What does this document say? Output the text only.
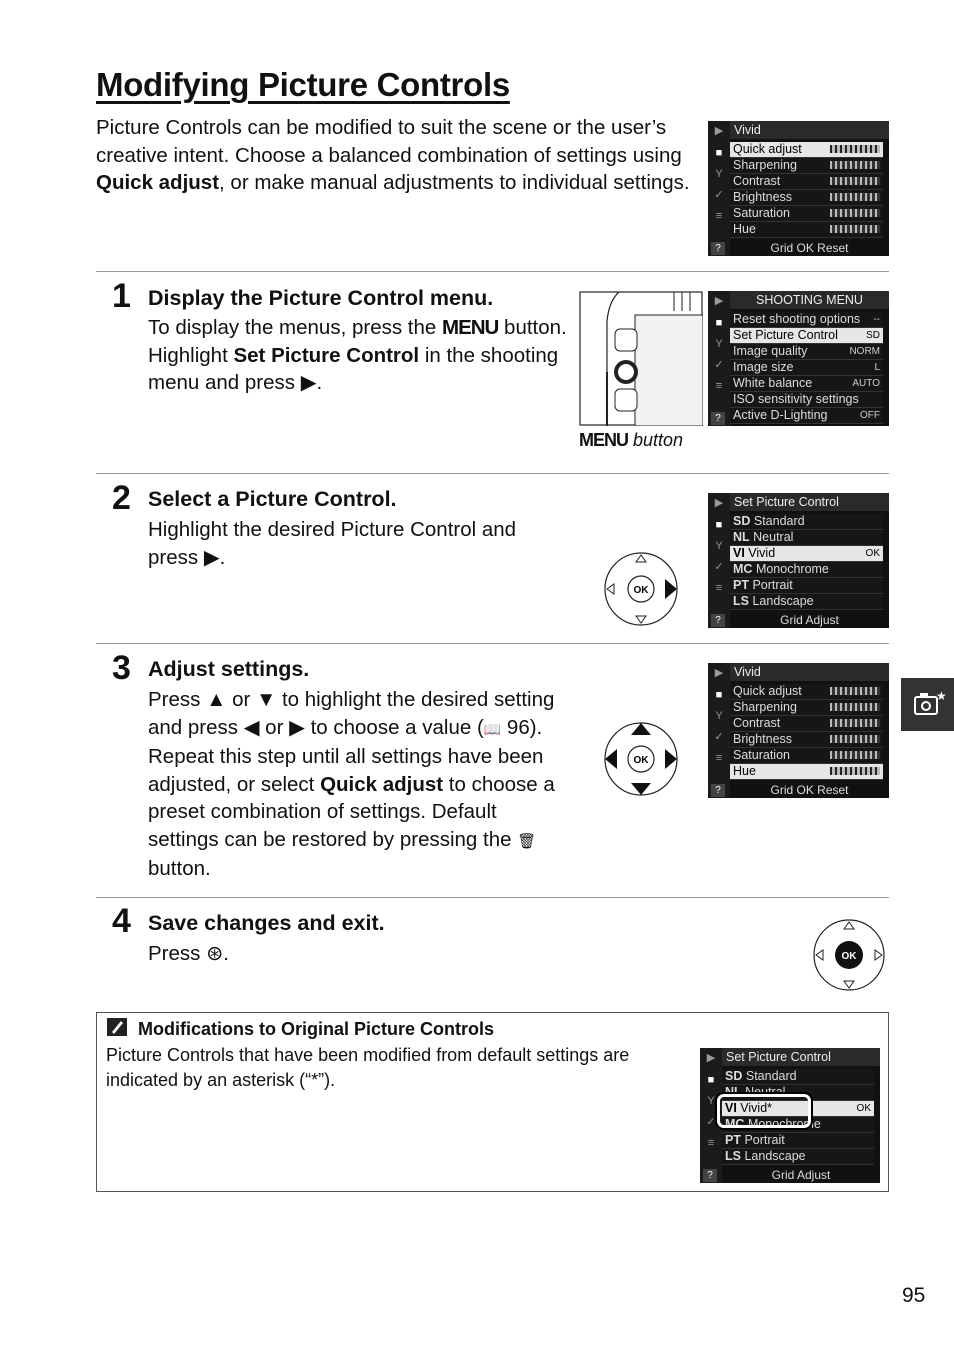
Modifying Picture Controls
Picture Controls can be modified to suit the scene or the user’s creative intent. Choose a balanced combination of settings using Quick adjust, or make manual adjustments to individual settings.
▶
■
Y
✓
≡
Vivid
Quick adjust
Sharpening
Contrast
Brightness
Saturation
Hue
Grid OK Reset
?
1 Display the Picture Control menu.
To display the menus, press the MENU button. Highlight Set Picture Control in the shooting menu and press ▶.
MENU button
▶
■
Y
✓
≡
SHOOTING MENU
Reset shooting options --
Set Picture Control	SD
Image quality	NORM
Image size	L
White balance	AUTO
ISO sensitivity settings
Active D-Lighting	OFF
?
2 Select a Picture Control.
Highlight the desired Picture Control and press ▶.
OK
▶
■
Y
✓
≡
Set Picture Control
SD Standard
NL Neutral
VI Vivid	OK
MC Monochrome
PT Portrait
LS Landscape
Grid Adjust
?
3 Adjust settings.
Press ▲ or ▼ to highlight the desired setting and press ◀ or ▶ to choose a value (📖 96). Repeat this step until all settings have been adjusted, or select Quick adjust to choose a preset combination of settings. Default settings can be restored by pressing the 🗑 button.
OK
▶
■
Y
✓
≡
Vivid
Quick adjust
Sharpening
Contrast
Brightness
Saturation
Hue
Grid OK Reset
?
★
4 Save changes and exit.
Press ⊛.	OK
Modifications to Original Picture Controls
Picture Controls that have been modified from default settings are indicated by an asterisk (“*”).
▶
■
Y
✓
≡
Set Picture Control
SD Standard
NL Neutral
VI Vivid*	OK
MC Monochrome
PT Portrait
LS Landscape
Grid Adjust
?
95
